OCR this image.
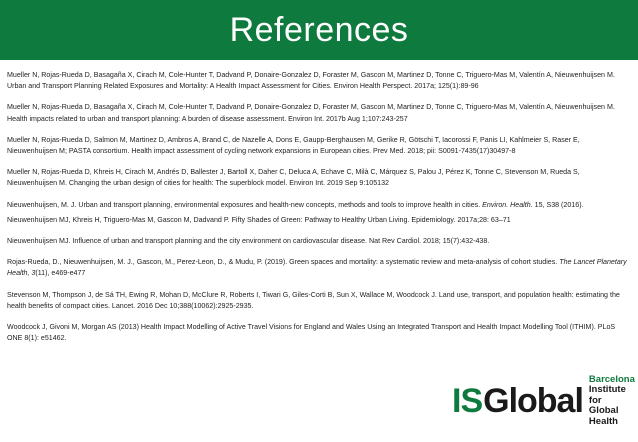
References

Mueller N, Rojas-Rueda D, Basagaña X, Cirach M, Cole-Hunter T, Dadvand P, Donaire-Gonzalez D, Foraster M, Gascon M, Martinez D, Tonne C, Triguero-Mas M, Valentín A, Nieuwenhuijsen M. Urban and Transport Planning Related Exposures and Mortality: A Health Impact Assessment for Cities. Environ Health Perspect. 2017a; 125(1):89-96

Mueller N, Rojas-Rueda D, Basagaña X, Cirach M, Cole-Hunter T, Dadvand P, Donaire-Gonzalez D, Foraster M, Gascon M, Martinez D, Tonne C, Triguero-Mas M, Valentín A, Nieuwenhuijsen M. Health impacts related to urban and transport planning: A burden of disease assessment. Environ Int. 2017b Aug 1;107:243-257

Mueller N, Rojas-Rueda D, Salmon M, Martinez D, Ambros A, Brand C, de Nazelle A, Dons E, Gaupp-Berghausen M, Gerike R, Götschi T, Iacorossi F, Panis LI, Kahlmeier S, Raser E, Nieuwenhuijsen M; PASTA consortium. Health impact assessment of cycling network expansions in European cities. Prev Med. 2018; pii: S0091-7435(17)30497-8

Mueller N, Rojas-Rueda D, Khreis H, Cirach M, Andrés D, Ballester J, Bartoll X, Daher C, Deluca A, Echave C, Milà C, Márquez S, Palou J, Pérez K, Tonne C, Stevenson M, Rueda S, Nieuwenhuijsen M. Changing the urban design of cities for health: The superblock model. Environ Int. 2019 Sep 9:105132

Nieuwenhuijsen, M. J. Urban and transport planning, environmental exposures and health-new concepts, methods and tools to improve health in cities. Environ. Health. 15, S38 (2016).

Nieuwenhuijsen MJ, Khreis H, Triguero-Mas M, Gascon M, Dadvand P. Fifty Shades of Green: Pathway to Healthy Urban Living. Epidemiology. 2017a;28: 63–71

Nieuwenhuijsen MJ. Influence of urban and transport planning and the city environment on cardiovascular disease. Nat Rev Cardiol. 2018; 15(7):432-438.

Rojas-Rueda, D., Nieuwenhuijsen, M. J., Gascon, M., Perez-Leon, D., & Mudu, P. (2019). Green spaces and mortality: a systematic review and meta-analysis of cohort studies. The Lancet Planetary Health, 3(11), e469-e477

Stevenson M, Thompson J, de Sá TH, Ewing R, Mohan D, McClure R, Roberts I, Tiwari G, Giles-Corti B, Sun X, Wallace M, Woodcock J. Land use, transport, and population health: estimating the health benefits of compact cities. Lancet. 2016 Dec 10;388(10062):2925-2935.

Woodcock J, Givoni M, Morgan AS (2013) Health Impact Modelling of Active Travel Visions for England and Wales Using an Integrated Transport and Health Impact Modelling Tool (ITHIM). PLoS ONE 8(1): e51462.

IS Global
Barcelona
Institute for
Global Health
